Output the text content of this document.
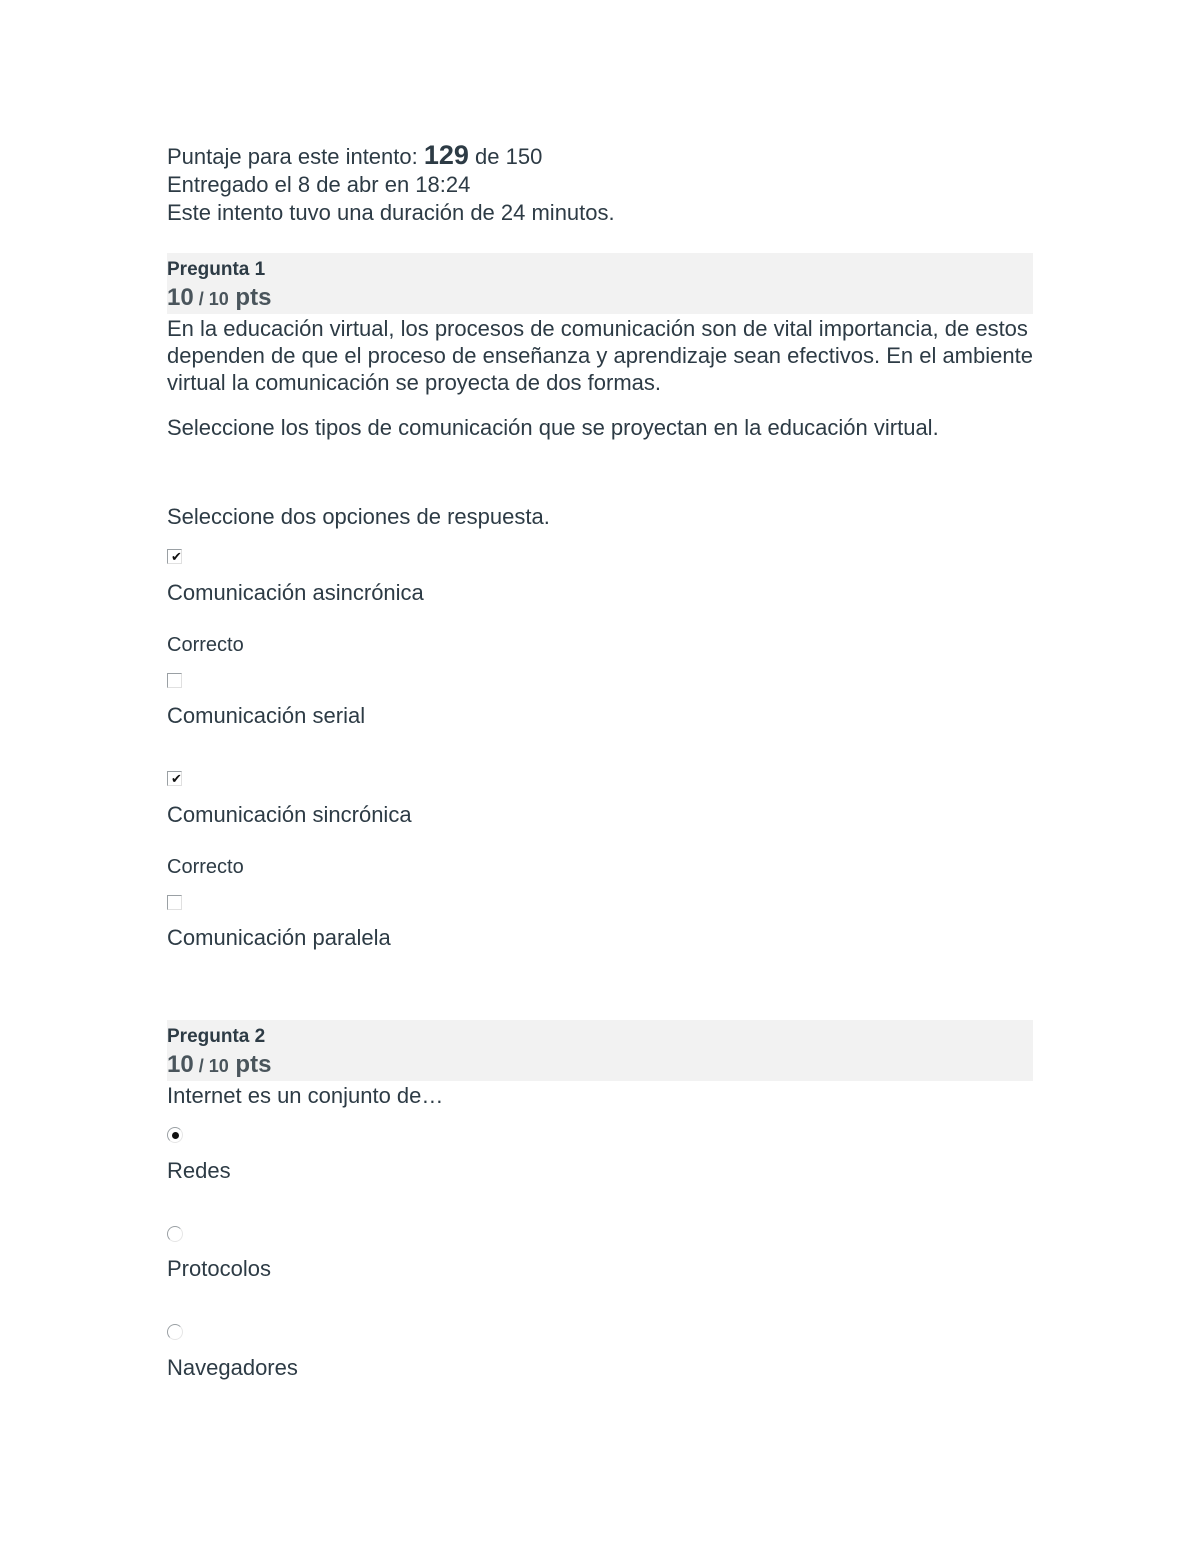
Puntaje para este intento: 129 de 150
Entregado el 8 de abr en 18:24
Este intento tuvo una duración de 24 minutos.
Pregunta 1
10 / 10 pts
En la educación virtual, los procesos de comunicación son de vital importancia, de estos dependen de que el proceso de enseñanza y aprendizaje sean efectivos. En el ambiente virtual la comunicación se proyecta de dos formas.
Seleccione los tipos de comunicación que se proyectan en la educación virtual.
Seleccione dos opciones de respuesta.
✔
Comunicación asincrónica
Correcto
Comunicación serial
✔
Comunicación sincrónica
Correcto
Comunicación paralela
Pregunta 2
10 / 10 pts
Internet es un conjunto de…
Redes
Protocolos
Navegadores
